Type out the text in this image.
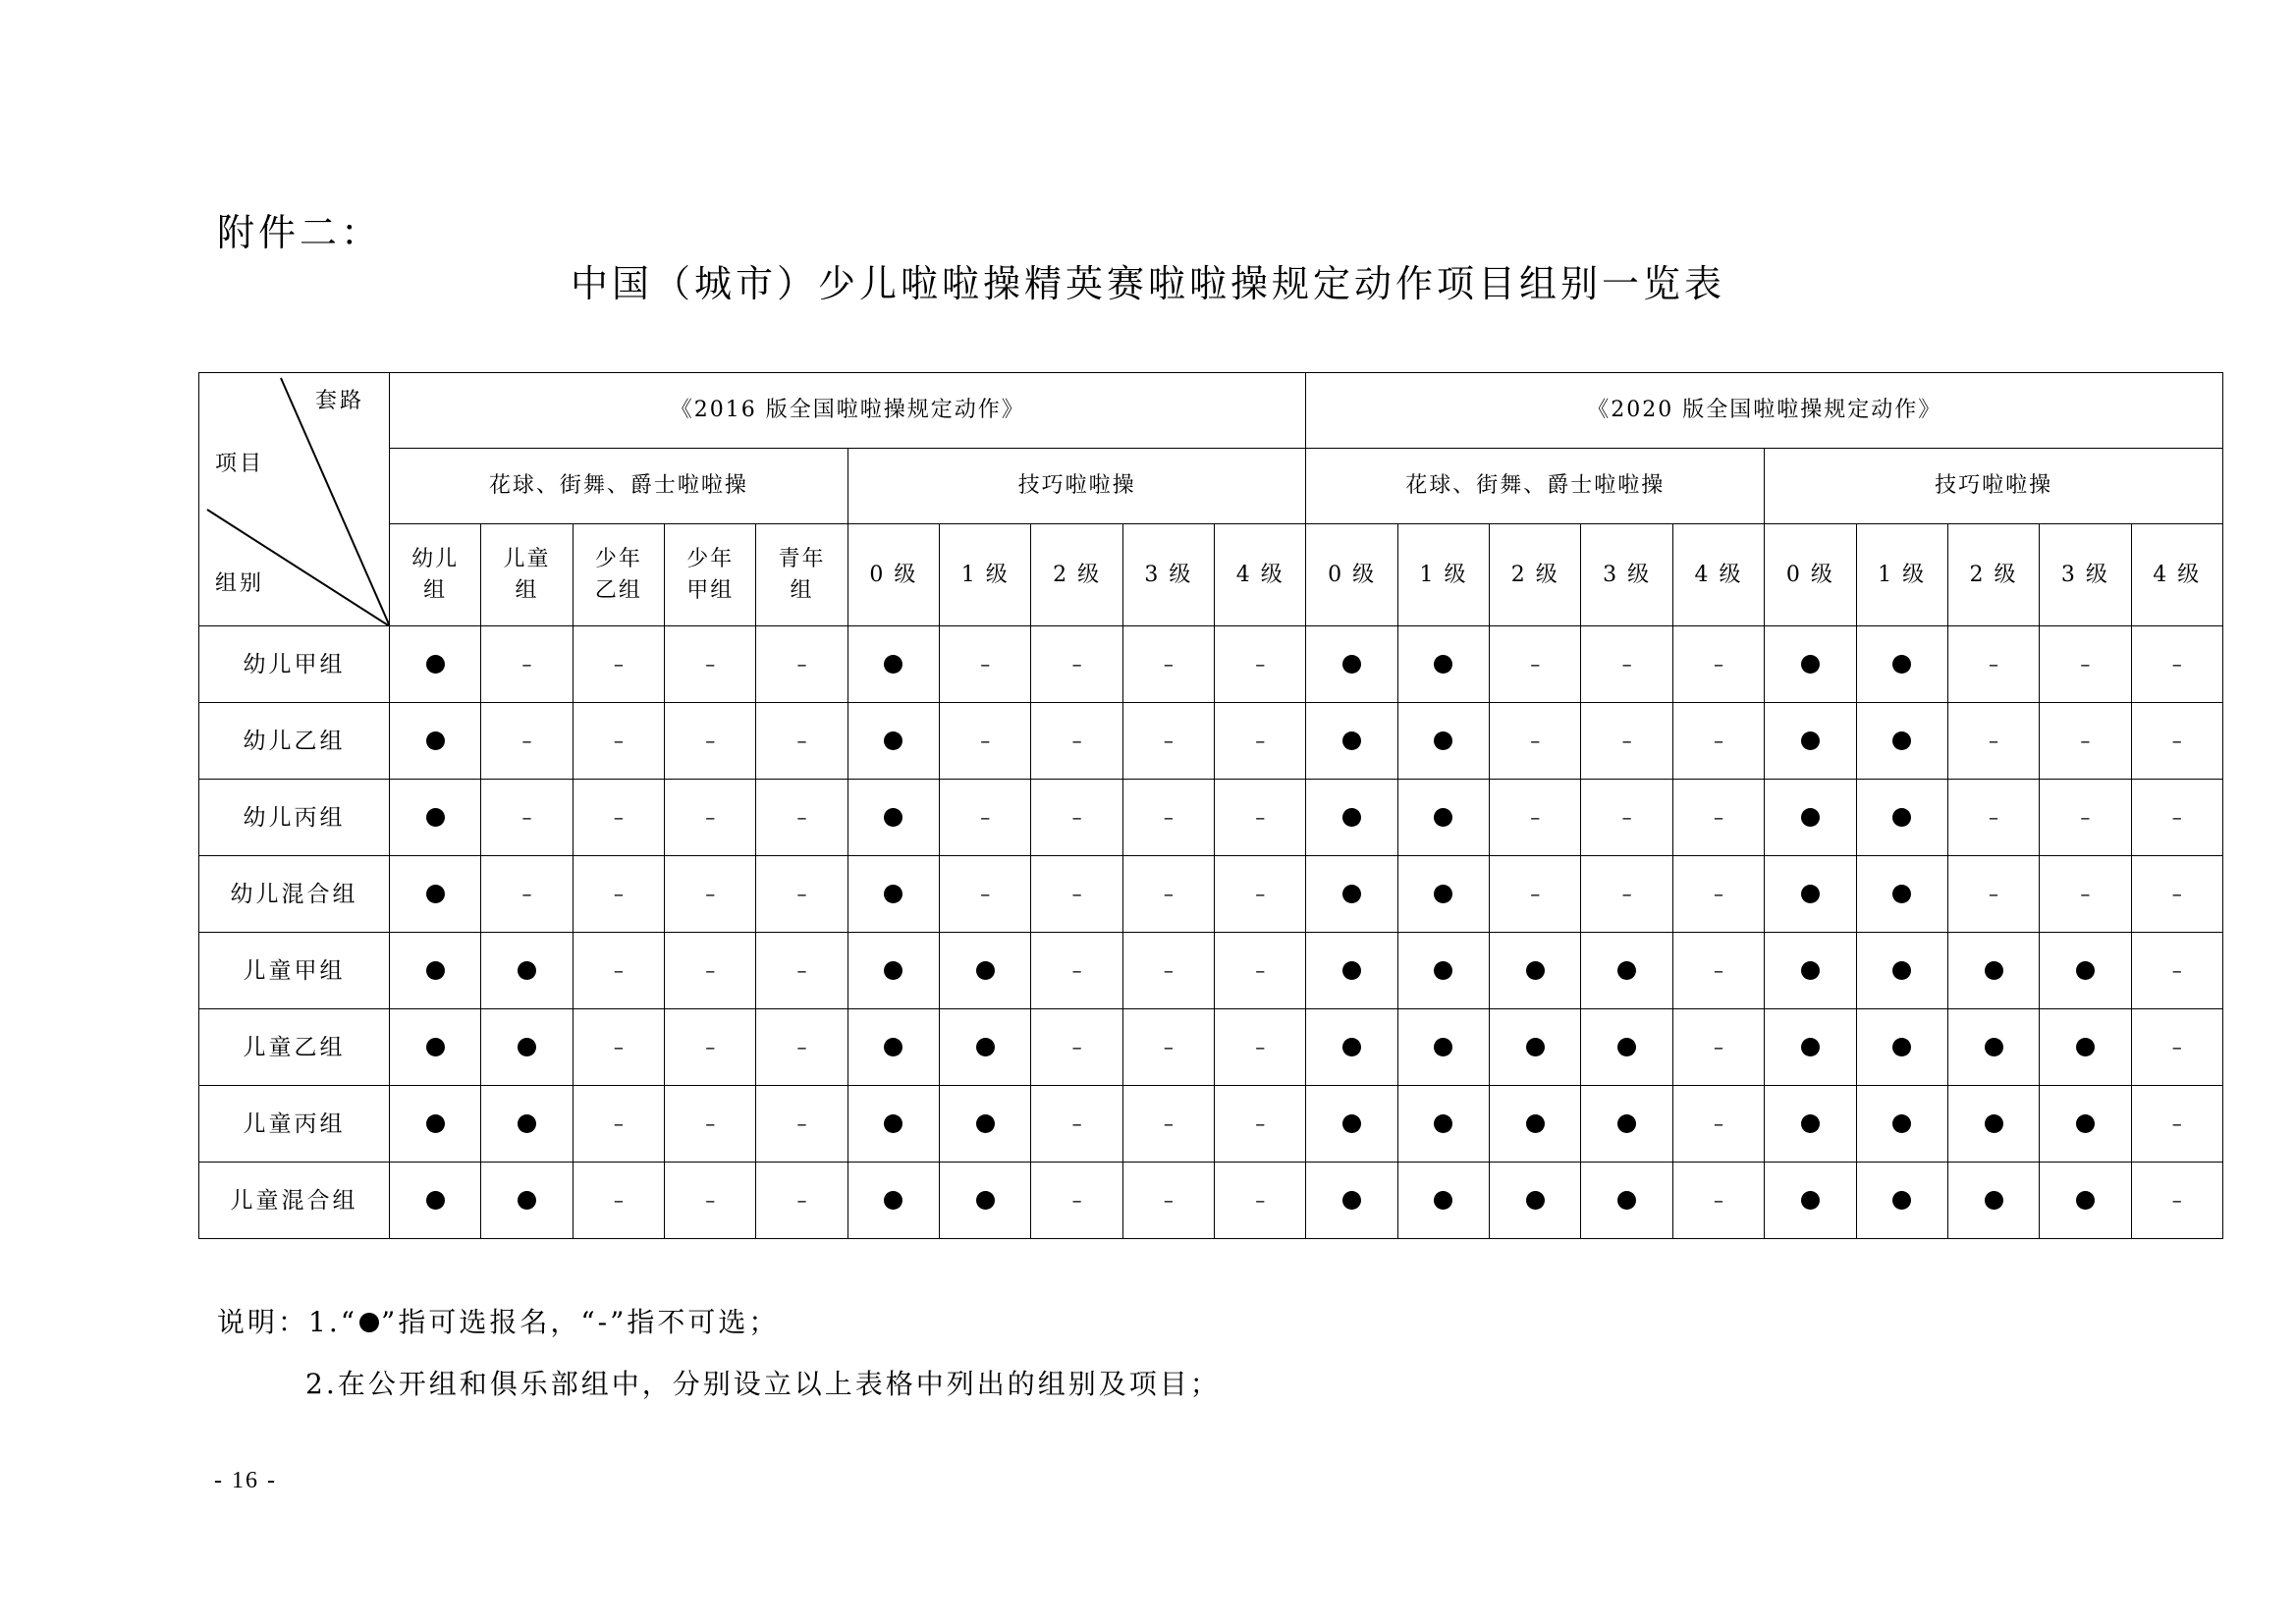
附件二：

中国（城市）少儿啦啦操精英赛啦啦操规定动作项目组别一览表
套路
项目
组别	《2016 版全国啦啦操规定动作》										《2020 版全国啦啦操规定动作》									
	花球、街舞、爵士啦啦操					技巧啦啦操					花球、街舞、爵士啦啦操					技巧啦啦操				
	幼儿组	儿童组	少年乙组	少年甲组	青年组	0 级	1 级	2 级	3 级	4 级	0 级	1 级	2 级	3 级	4 级	0 级	1 级	2 级	3 级	4 级
幼儿甲组		–	–	–	–		–	–	–	–			–	–	–			–	–	–
幼儿乙组		–	–	–	–		–	–	–	–			–	–	–			–	–	–
幼儿丙组		–	–	–	–		–	–	–	–			–	–	–			–	–	–
幼儿混合组		–	–	–	–		–	–	–	–			–	–	–			–	–	–
儿童甲组			–	–	–			–	–	–					–					–
儿童乙组			–	–	–			–	–	–					–					–
儿童丙组			–	–	–			–	–	–					–					–
儿童混合组			–	–	–			–	–	–					–					–

说明：1.“ ”指可选报名，“-”指不可选；

2.在公开组和俱乐部组中，分别设立以上表格中列出的组别及项目；

- 16 -
